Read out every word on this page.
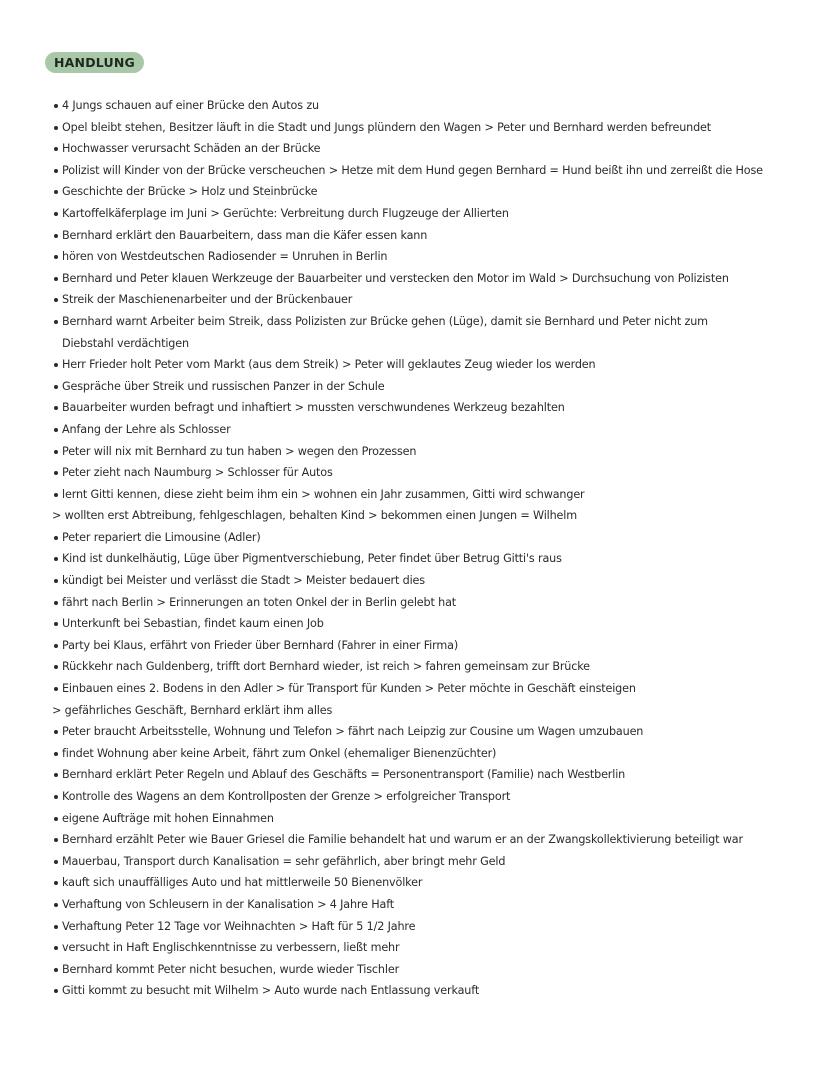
HANDLUNG
4 Jungs schauen auf einer Brücke den Autos zu
Opel bleibt stehen, Besitzer läuft in die Stadt und Jungs plündern den Wagen > Peter und Bernhard werden befreundet
Hochwasser verursacht Schäden an der Brücke
Polizist will Kinder von der Brücke verscheuchen > Hetze mit dem Hund gegen Bernhard = Hund beißt ihn und zerreißt die Hose
Geschichte der Brücke > Holz und Steinbrücke
Kartoffelkäferplage im Juni > Gerüchte: Verbreitung durch Flugzeuge der Allierten
Bernhard erklärt den Bauarbeitern, dass man die Käfer essen kann
hören von Westdeutschen Radiosender = Unruhen in Berlin
Bernhard und Peter klauen Werkzeuge der Bauarbeiter und verstecken den Motor im Wald > Durchsuchung von Polizisten
Streik der Maschienenarbeiter und der Brückenbauer
Bernhard warnt Arbeiter beim Streik, dass Polizisten zur Brücke gehen (Lüge), damit sie Bernhard und Peter nicht zum
Diebstahl verdächtigen
Herr Frieder holt Peter vom Markt (aus dem Streik) > Peter will geklautes Zeug wieder los werden
Gespräche über Streik und russischen Panzer in der Schule
Bauarbeiter wurden befragt und inhaftiert > mussten verschwundenes Werkzeug bezahlten
Anfang der Lehre als Schlosser
Peter will nix mit Bernhard zu tun haben > wegen den Prozessen
Peter zieht nach Naumburg > Schlosser für Autos
lernt Gitti kennen, diese zieht beim ihm ein > wohnen ein Jahr zusammen, Gitti wird schwanger
> wollten erst Abtreibung, fehlgeschlagen, behalten Kind > bekommen einen Jungen = Wilhelm
Peter repariert die Limousine (Adler)
Kind ist dunkelhäutig, Lüge über Pigmentverschiebung, Peter findet über Betrug Gitti's raus
kündigt bei Meister und verlässt die Stadt > Meister bedauert dies
fährt nach Berlin > Erinnerungen an toten Onkel der in Berlin gelebt hat
Unterkunft bei Sebastian, findet kaum einen Job
Party bei Klaus, erfährt von Frieder über Bernhard (Fahrer in einer Firma)
Rückkehr nach Guldenberg, trifft dort Bernhard wieder, ist reich > fahren gemeinsam zur Brücke
Einbauen eines 2. Bodens in den Adler > für Transport für Kunden > Peter möchte in Geschäft einsteigen
> gefährliches Geschäft, Bernhard erklärt ihm alles
Peter braucht Arbeitsstelle, Wohnung und Telefon > fährt nach Leipzig zur Cousine um Wagen umzubauen
findet Wohnung aber keine Arbeit, fährt zum Onkel (ehemaliger Bienenzüchter)
Bernhard erklärt Peter Regeln und Ablauf des Geschäfts = Personentransport (Familie) nach Westberlin
Kontrolle des Wagens an dem Kontrollposten der Grenze > erfolgreicher Transport
eigene Aufträge mit hohen Einnahmen
Bernhard erzählt Peter wie Bauer Griesel die Familie behandelt hat und warum er an der Zwangskollektivierung beteiligt war
Mauerbau, Transport durch Kanalisation = sehr gefährlich, aber bringt mehr Geld
kauft sich unauffälliges Auto und hat mittlerweile 50 Bienenvölker
Verhaftung von Schleusern in der Kanalisation > 4 Jahre Haft
Verhaftung Peter 12 Tage vor Weihnachten > Haft für 5 1/2 Jahre
versucht in Haft Englischkenntnisse zu verbessern, ließt mehr
Bernhard kommt Peter nicht besuchen, wurde wieder Tischler
Gitti kommt zu besucht mit Wilhelm > Auto wurde nach Entlassung verkauft
